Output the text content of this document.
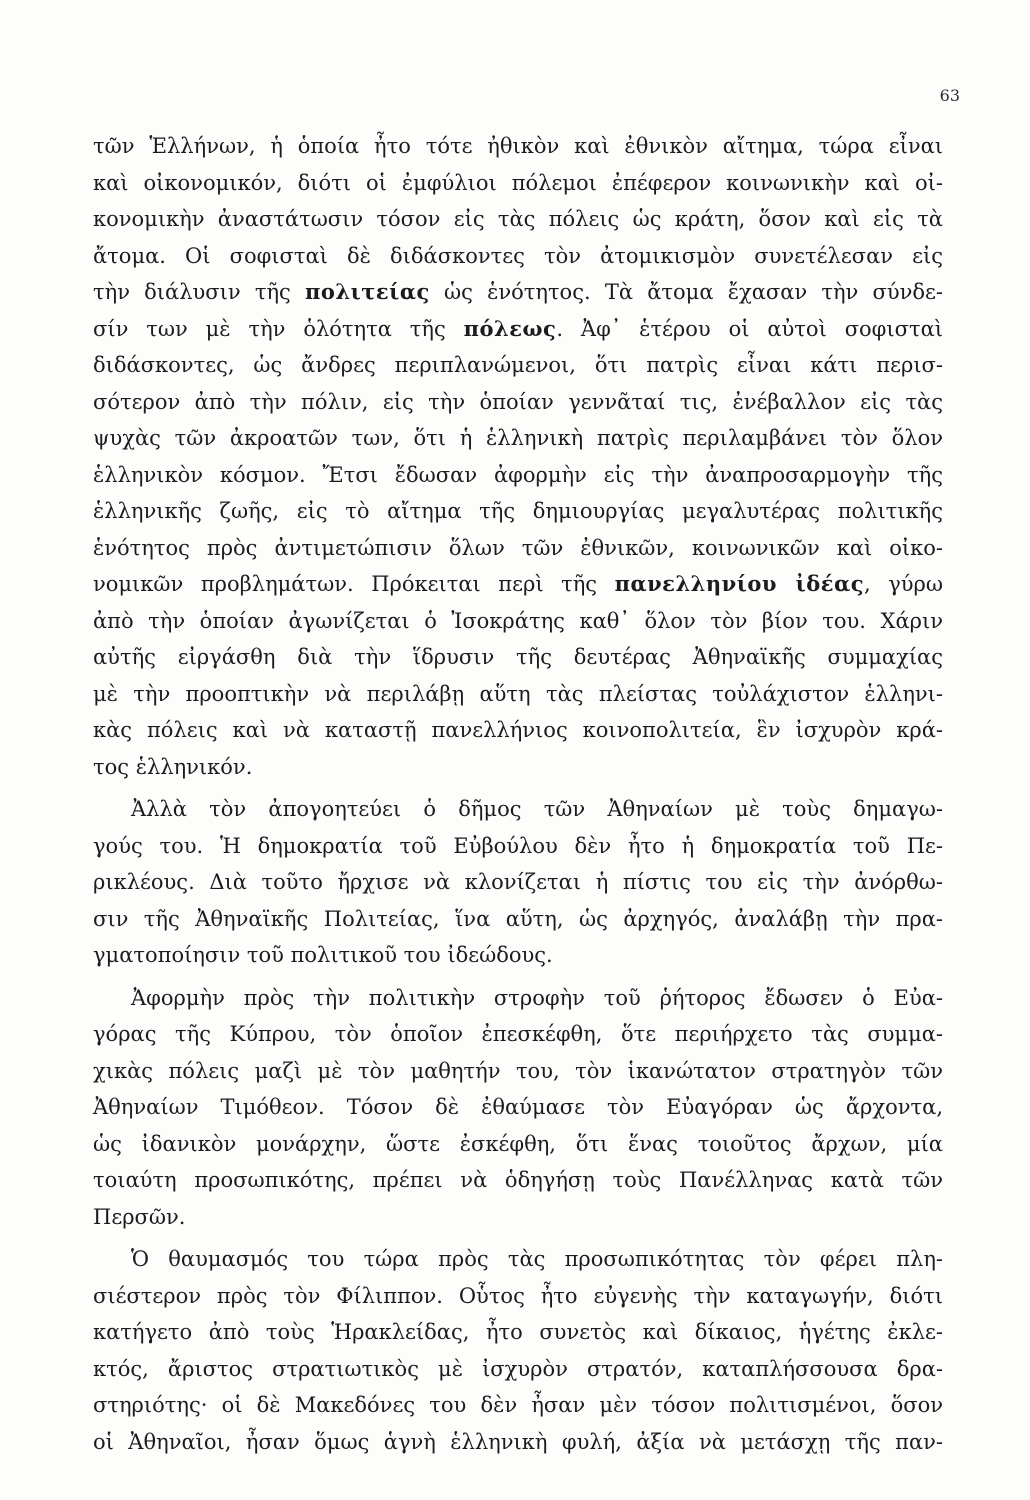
63
τῶν Ἑλλήνων, ἡ ὁποία ἦτο τότε ἠθικὸν καὶ ἐθνικὸν αἴτημα, τώρα εἶναι
καὶ οἰκονομικόν, διότι οἱ ἐμφύλιοι πόλεμοι ἐπέφερον κοινωνικὴν καὶ οἰ-
κονομικὴν ἀναστάτωσιν τόσον εἰς τὰς πόλεις ὡς κράτη, ὅσον καὶ εἰς τὰ
ἄτομα. Οἱ σοφισταὶ δὲ διδάσκοντες τὸν ἀτομικισμὸν συνετέλεσαν εἰς
τὴν διάλυσιν τῆς πολιτείας ὡς ἑνότητος. Τὰ ἄτομα ἔχασαν τὴν σύνδε-
σίν των μὲ τὴν ὁλότητα τῆς πόλεως. Ἀφ᾽ ἑτέρου οἱ αὐτοὶ σοφισταὶ
διδάσκοντες, ὡς ἄνδρες περιπλανώμενοι, ὅτι πατρὶς εἶναι κάτι περισ-
σότερον ἀπὸ τὴν πόλιν, εἰς τὴν ὁποίαν γεννᾶταί τις, ἐνέβαλλον εἰς τὰς
ψυχὰς τῶν ἀκροατῶν των, ὅτι ἡ ἑλληνικὴ πατρὶς περιλαμβάνει τὸν ὅλον
ἑλληνικὸν κόσμον. Ἔτσι ἔδωσαν ἀφορμὴν εἰς τὴν ἀναπροσαρμογὴν τῆς
ἑλληνικῆς ζωῆς, εἰς τὸ αἴτημα τῆς δημιουργίας μεγαλυτέρας πολιτικῆς
ἑνότητος πρὸς ἀντιμετώπισιν ὅλων τῶν ἐθνικῶν, κοινωνικῶν καὶ οἰκο-
νομικῶν προβλημάτων. Πρόκειται περὶ τῆς πανελληνίου ἰδέας, γύρω
ἀπὸ τὴν ὁποίαν ἀγωνίζεται ὁ Ἰσοκράτης καθ᾽ ὅλον τὸν βίον του. Χάριν
αὐτῆς εἰργάσθη διὰ τὴν ἵδρυσιν τῆς δευτέρας Ἀθηναϊκῆς συμμαχίας
μὲ τὴν προοπτικὴν νὰ περιλάβῃ αὕτη τὰς πλείστας τοὐλάχιστον ἑλληνι-
κὰς πόλεις καὶ νὰ καταστῇ πανελλήνιος κοινοπολιτεία, ἓν ἰσχυρὸν κρά-
τος ἑλληνικόν.
Ἀλλὰ τὸν ἀπογοητεύει ὁ δῆμος τῶν Ἀθηναίων μὲ τοὺς δημαγω-
γούς του. Ἡ δημοκρατία τοῦ Εὐβούλου δὲν ἦτο ἡ δημοκρατία τοῦ Πε-
ρικλέους. Διὰ τοῦτο ἤρχισε νὰ κλονίζεται ἡ πίστις του εἰς τὴν ἀνόρθω-
σιν τῆς Ἀθηναϊκῆς Πολιτείας, ἵνα αὕτη, ὡς ἀρχηγός, ἀναλάβῃ τὴν πρα-
γματοποίησιν τοῦ πολιτικοῦ του ἰδεώδους.
Ἀφορμὴν πρὸς τὴν πολιτικὴν στροφὴν τοῦ ῥήτορος ἔδωσεν ὁ Εὐα-
γόρας τῆς Κύπρου, τὸν ὁποῖον ἐπεσκέφθη, ὅτε περιήρχετο τὰς συμμα-
χικὰς πόλεις μαζὶ μὲ τὸν μαθητήν του, τὸν ἱκανώτατον στρατηγὸν τῶν
Ἀθηναίων Τιμόθεον. Τόσον δὲ ἐθαύμασε τὸν Εὐαγόραν ὡς ἄρχοντα,
ὡς ἰδανικὸν μονάρχην, ὥστε ἐσκέφθη, ὅτι ἕνας τοιοῦτος ἄρχων, μία
τοιαύτη προσωπικότης, πρέπει νὰ ὁδηγήσῃ τοὺς Πανέλληνας κατὰ τῶν
Περσῶν.
Ὁ θαυμασμός του τώρα πρὸς τὰς προσωπικότητας τὸν φέρει πλη-
σιέστερον πρὸς τὸν Φίλιππον. Οὗτος ἦτο εὐγενὴς τὴν καταγωγήν, διότι
κατήγετο ἀπὸ τοὺς Ἡρακλείδας, ἦτο συνετὸς καὶ δίκαιος, ἡγέτης ἐκλε-
κτός, ἄριστος στρατιωτικὸς μὲ ἰσχυρὸν στρατόν, καταπλήσσουσα δρα-
στηριότης· οἱ δὲ Μακεδόνες του δὲν ἦσαν μὲν τόσον πολιτισμένοι, ὅσον
οἱ Ἀθηναῖοι, ἦσαν ὅμως ἁγνὴ ἑλληνικὴ φυλή, ἀξία νὰ μετάσχῃ τῆς παν-
